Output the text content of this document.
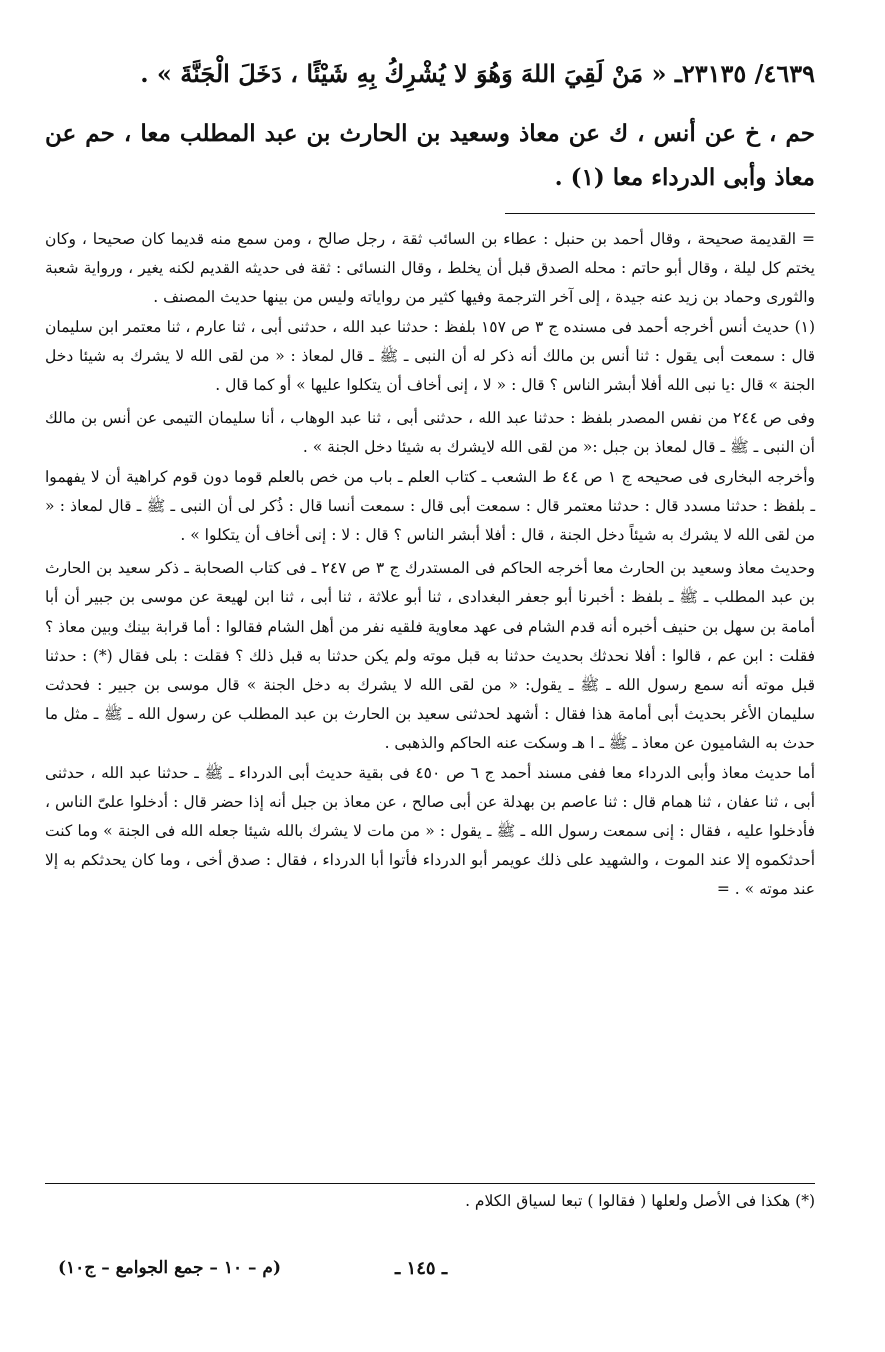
٤٦٣٩/ ٢٣١٣٥ـ « مَنْ لَقِيَ اللهَ وَهُوَ لا يُشْرِكُ بِهِ شَيْئًا ، دَخَلَ الْجَنَّةَ » .
حم ، خ عن أنس ، ك عن معاذ وسعيد بن الحارث بن عبد المطلب معا ، حم عن معاذ وأبى الدرداء معا (١) .

= القديمة صحيحة ، وقال أحمد بن حنبل : عطاء بن السائب ثقة ، رجل صالح ، ومن سمع منه قديما كان صحيحا ، وكان يختم كل ليلة ، وقال أبو حاتم : محله الصدق قبل أن يخلط ، وقال النسائى : ثقة فى حديثه القديم لكنه يغير ، ورواية شعبة والثورى وحماد بن زيد عنه جيدة ، إلى آخر الترجمة وفيها كثير من رواياته وليس من بينها حديث المصنف .

(١) حديث أنس أخرجه أحمد فى مسنده ج ٣ ص ١٥٧ بلفظ : حدثنا عبد الله ، حدثنى أبى ، ثنا عارم ، ثنا معتمر ابن سليمان قال : سمعت أبى يقول : ثنا أنس بن مالك أنه ذكر له أن النبى ـ ﷺ ـ قال لمعاذ : « من لقى الله لا يشرك به شيئا دخل الجنة » قال :يا نبى الله أفلا أبشر الناس ؟ قال : « لا ، إنى أخاف أن يتكلوا عليها » أو كما قال .

وفى ص ٢٤٤ من نفس المصدر بلفظ : حدثنا عبد الله ، حدثنى أبى ، ثنا عبد الوهاب ، أنا سليمان التيمى عن أنس بن مالك أن النبى ـ ﷺ ـ قال لمعاذ بن جبل :« من لقى الله لايشرك به شيئا دخل الجنة » .

وأخرجه البخارى فى صحيحه ج ١ ص ٤٤ ط الشعب ـ كتاب العلم ـ باب من خص بالعلم قوما دون قوم كراهية أن لا يفهموا ـ بلفظ : حدثنا مسدد قال : حدثنا معتمر قال : سمعت أبى قال : سمعت أنسا قال : ذُكر لى أن النبى ـ ﷺ ـ قال لمعاذ : « من لقى الله لا يشرك به شيئاً دخل الجنة ، قال : أفلا أبشر الناس ؟ قال : لا : إنى أخاف أن يتكلوا » .

وحديث معاذ وسعيد بن الحارث معا أخرجه الحاكم فى المستدرك ج ٣ ص ٢٤٧ ـ فى كتاب الصحابة ـ ذكر سعيد بن الحارث بن عبد المطلب ـ ﷺ ـ بلفظ : أخبرنا أبو جعفر البغدادى ، ثنا أبو علاثة ، ثنا أبى ، ثنا ابن لهيعة عن موسى بن جبير أن أبا أمامة بن سهل بن حنيف أخبره أنه قدم الشام فى عهد معاوية فلقيه نفر من أهل الشام فقالوا : أما قرابة بينك وبين معاذ ؟ فقلت : ابن عم ، قالوا : أفلا نحدثك بحديث حدثنا به قبل موته ولم يكن حدثنا به قبل ذلك ؟ فقلت : بلى فقال (*) : حدثنا قبل موته أنه سمع رسول الله ـ ﷺ ـ يقول: « من لقى الله لا يشرك به دخل الجنة » قال موسى بن جبير : فحدثت سليمان الأغر بحديث أبى أمامة هذا فقال : أشهد لحدثنى سعيد بن الحارث بن عبد المطلب عن رسول الله ـ ﷺ ـ مثل ما حدث به الشاميون عن معاذ ـ ﷺ ـ ا هـ وسكت عنه الحاكم والذهبى .

أما حديث معاذ وأبى الدرداء معا ففى مسند أحمد ج ٦ ص ٤٥٠ فى بقية حديث أبى الدرداء ـ ﷺ ـ حدثنا عبد الله ، حدثنى أبى ، ثنا عفان ، ثنا همام قال : ثنا عاصم بن بهدلة عن أبى صالح ، عن معاذ بن جبل أنه إذا حضر قال : أدخلوا علىّ الناس ، فأدخلوا عليه ، فقال : إنى سمعت رسول الله ـ ﷺ ـ يقول : « من مات لا يشرك بالله شيئا جعله الله فى الجنة » وما كنت أحدثكموه إلا عند الموت ، والشهيد على ذلك عويمر أبو الدرداء فأتوا أبا الدرداء ، فقال : صدق أخى ، وما كان يحدثكم به إلا عند موته » . =

(*) هكذا فى الأصل ولعلها ( فقالوا ) تبعا لسياق الكلام .
ـ ١٤٥ ـ
(م – ١٠ – جمع الجوامع – ج١٠)
